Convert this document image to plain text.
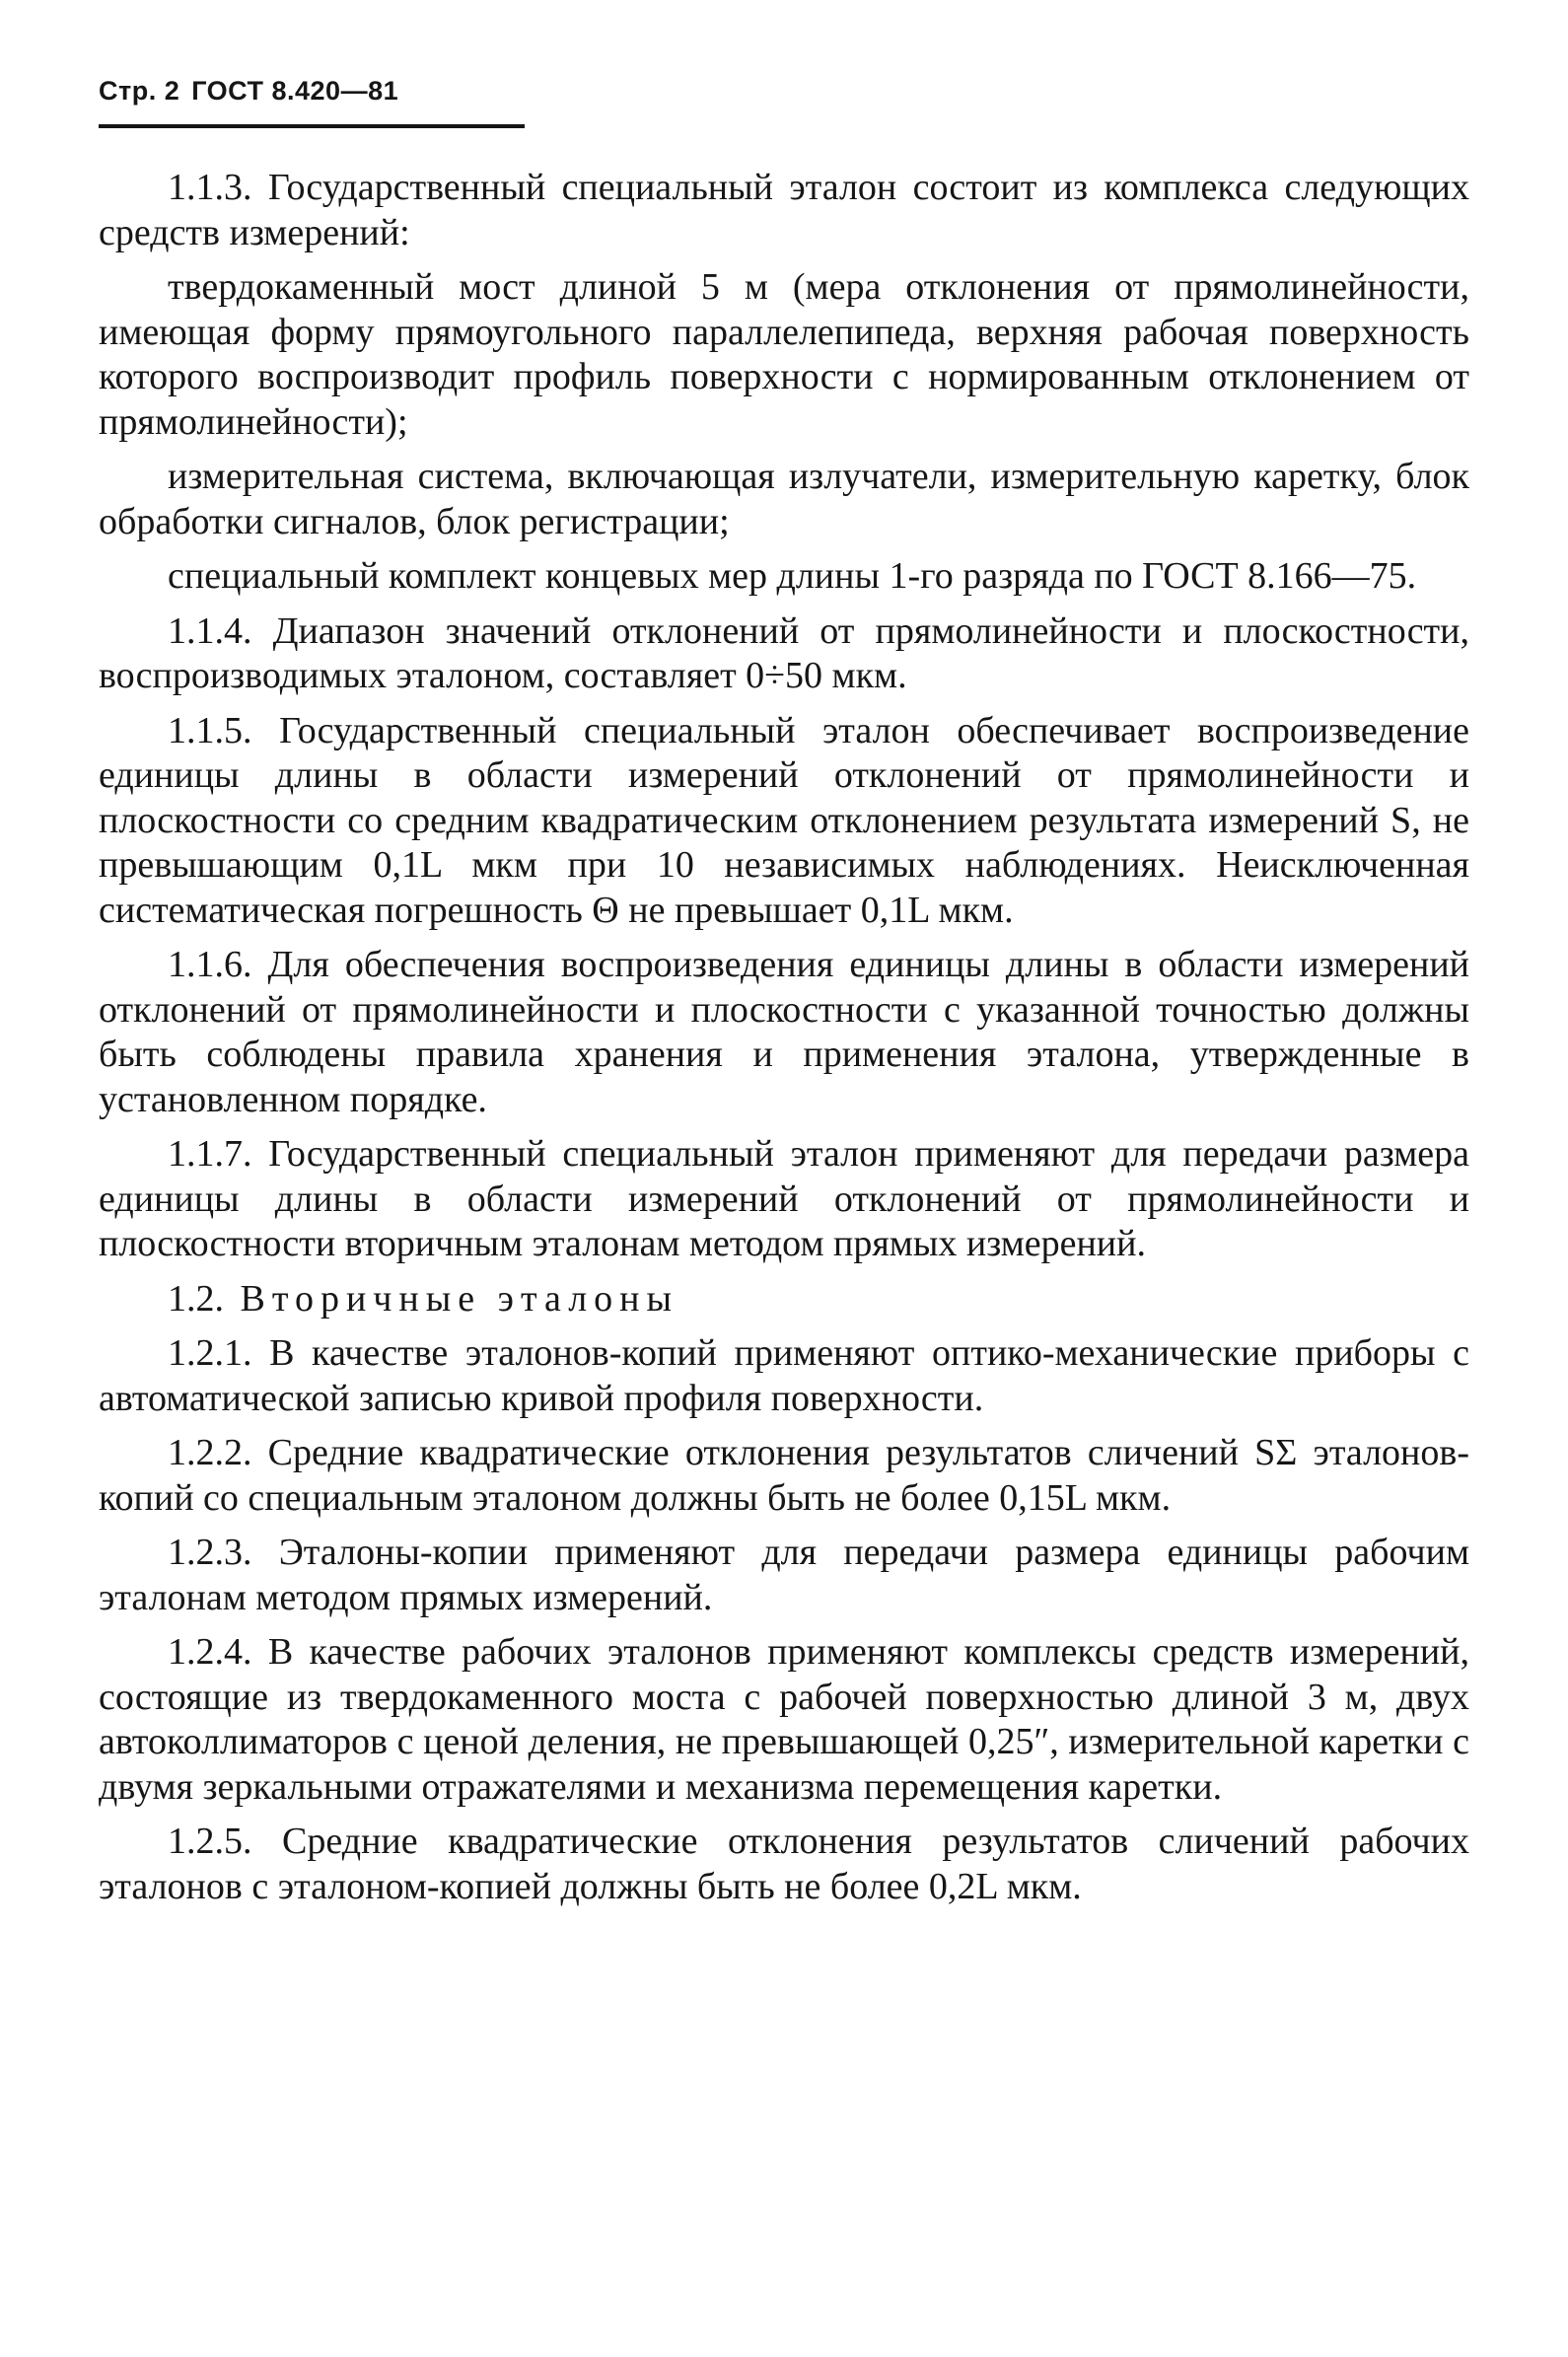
Стр. 2 ГОСТ 8.420—81

1.1.3. Государственный специальный эталон состоит из комплекса следующих средств измерений:

твердокаменный мост длиной 5 м (мера отклонения от прямолинейности, имеющая форму прямоугольного параллелепипеда, верхняя рабочая поверхность которого воспроизводит профиль поверхности с нормированным отклонением от прямолинейности);

измерительная система, включающая излучатели, измерительную каретку, блок обработки сигналов, блок регистрации;

специальный комплект концевых мер длины 1-го разряда по ГОСТ 8.166—75.

1.1.4. Диапазон значений отклонений от прямолинейности и плоскостности, воспроизводимых эталоном, составляет 0÷50 мкм.

1.1.5. Государственный специальный эталон обеспечивает воспроизведение единицы длины в области измерений отклонений от прямолинейности и плоскостности со средним квадратическим отклонением результата измерений S, не превышающим 0,1L мкм при 10 независимых наблюдениях. Неисключенная систематическая погрешность Θ не превышает 0,1L мкм.

1.1.6. Для обеспечения воспроизведения единицы длины в области измерений отклонений от прямолинейности и плоскостности с указанной точностью должны быть соблюдены правила хранения и применения эталона, утвержденные в установленном порядке.

1.1.7. Государственный специальный эталон применяют для передачи размера единицы длины в области измерений отклонений от прямолинейности и плоскостности вторичным эталонам методом прямых измерений.

1.2. Вторичные эталоны

1.2.1. В качестве эталонов-копий применяют оптико-механические приборы с автоматической записью кривой профиля поверхности.

1.2.2. Средние квадратические отклонения результатов сличений SΣ эталонов-копий со специальным эталоном должны быть не более 0,15L мкм.

1.2.3. Эталоны-копии применяют для передачи размера единицы рабочим эталонам методом прямых измерений.

1.2.4. В качестве рабочих эталонов применяют комплексы средств измерений, состоящие из твердокаменного моста с рабочей поверхностью длиной 3 м, двух автоколлиматоров с ценой деления, не превышающей 0,25″, измерительной каретки с двумя зеркальными отражателями и механизма перемещения каретки.

1.2.5. Средние квадратические отклонения результатов сличений рабочих эталонов с эталоном-копией должны быть не более 0,2L мкм.
